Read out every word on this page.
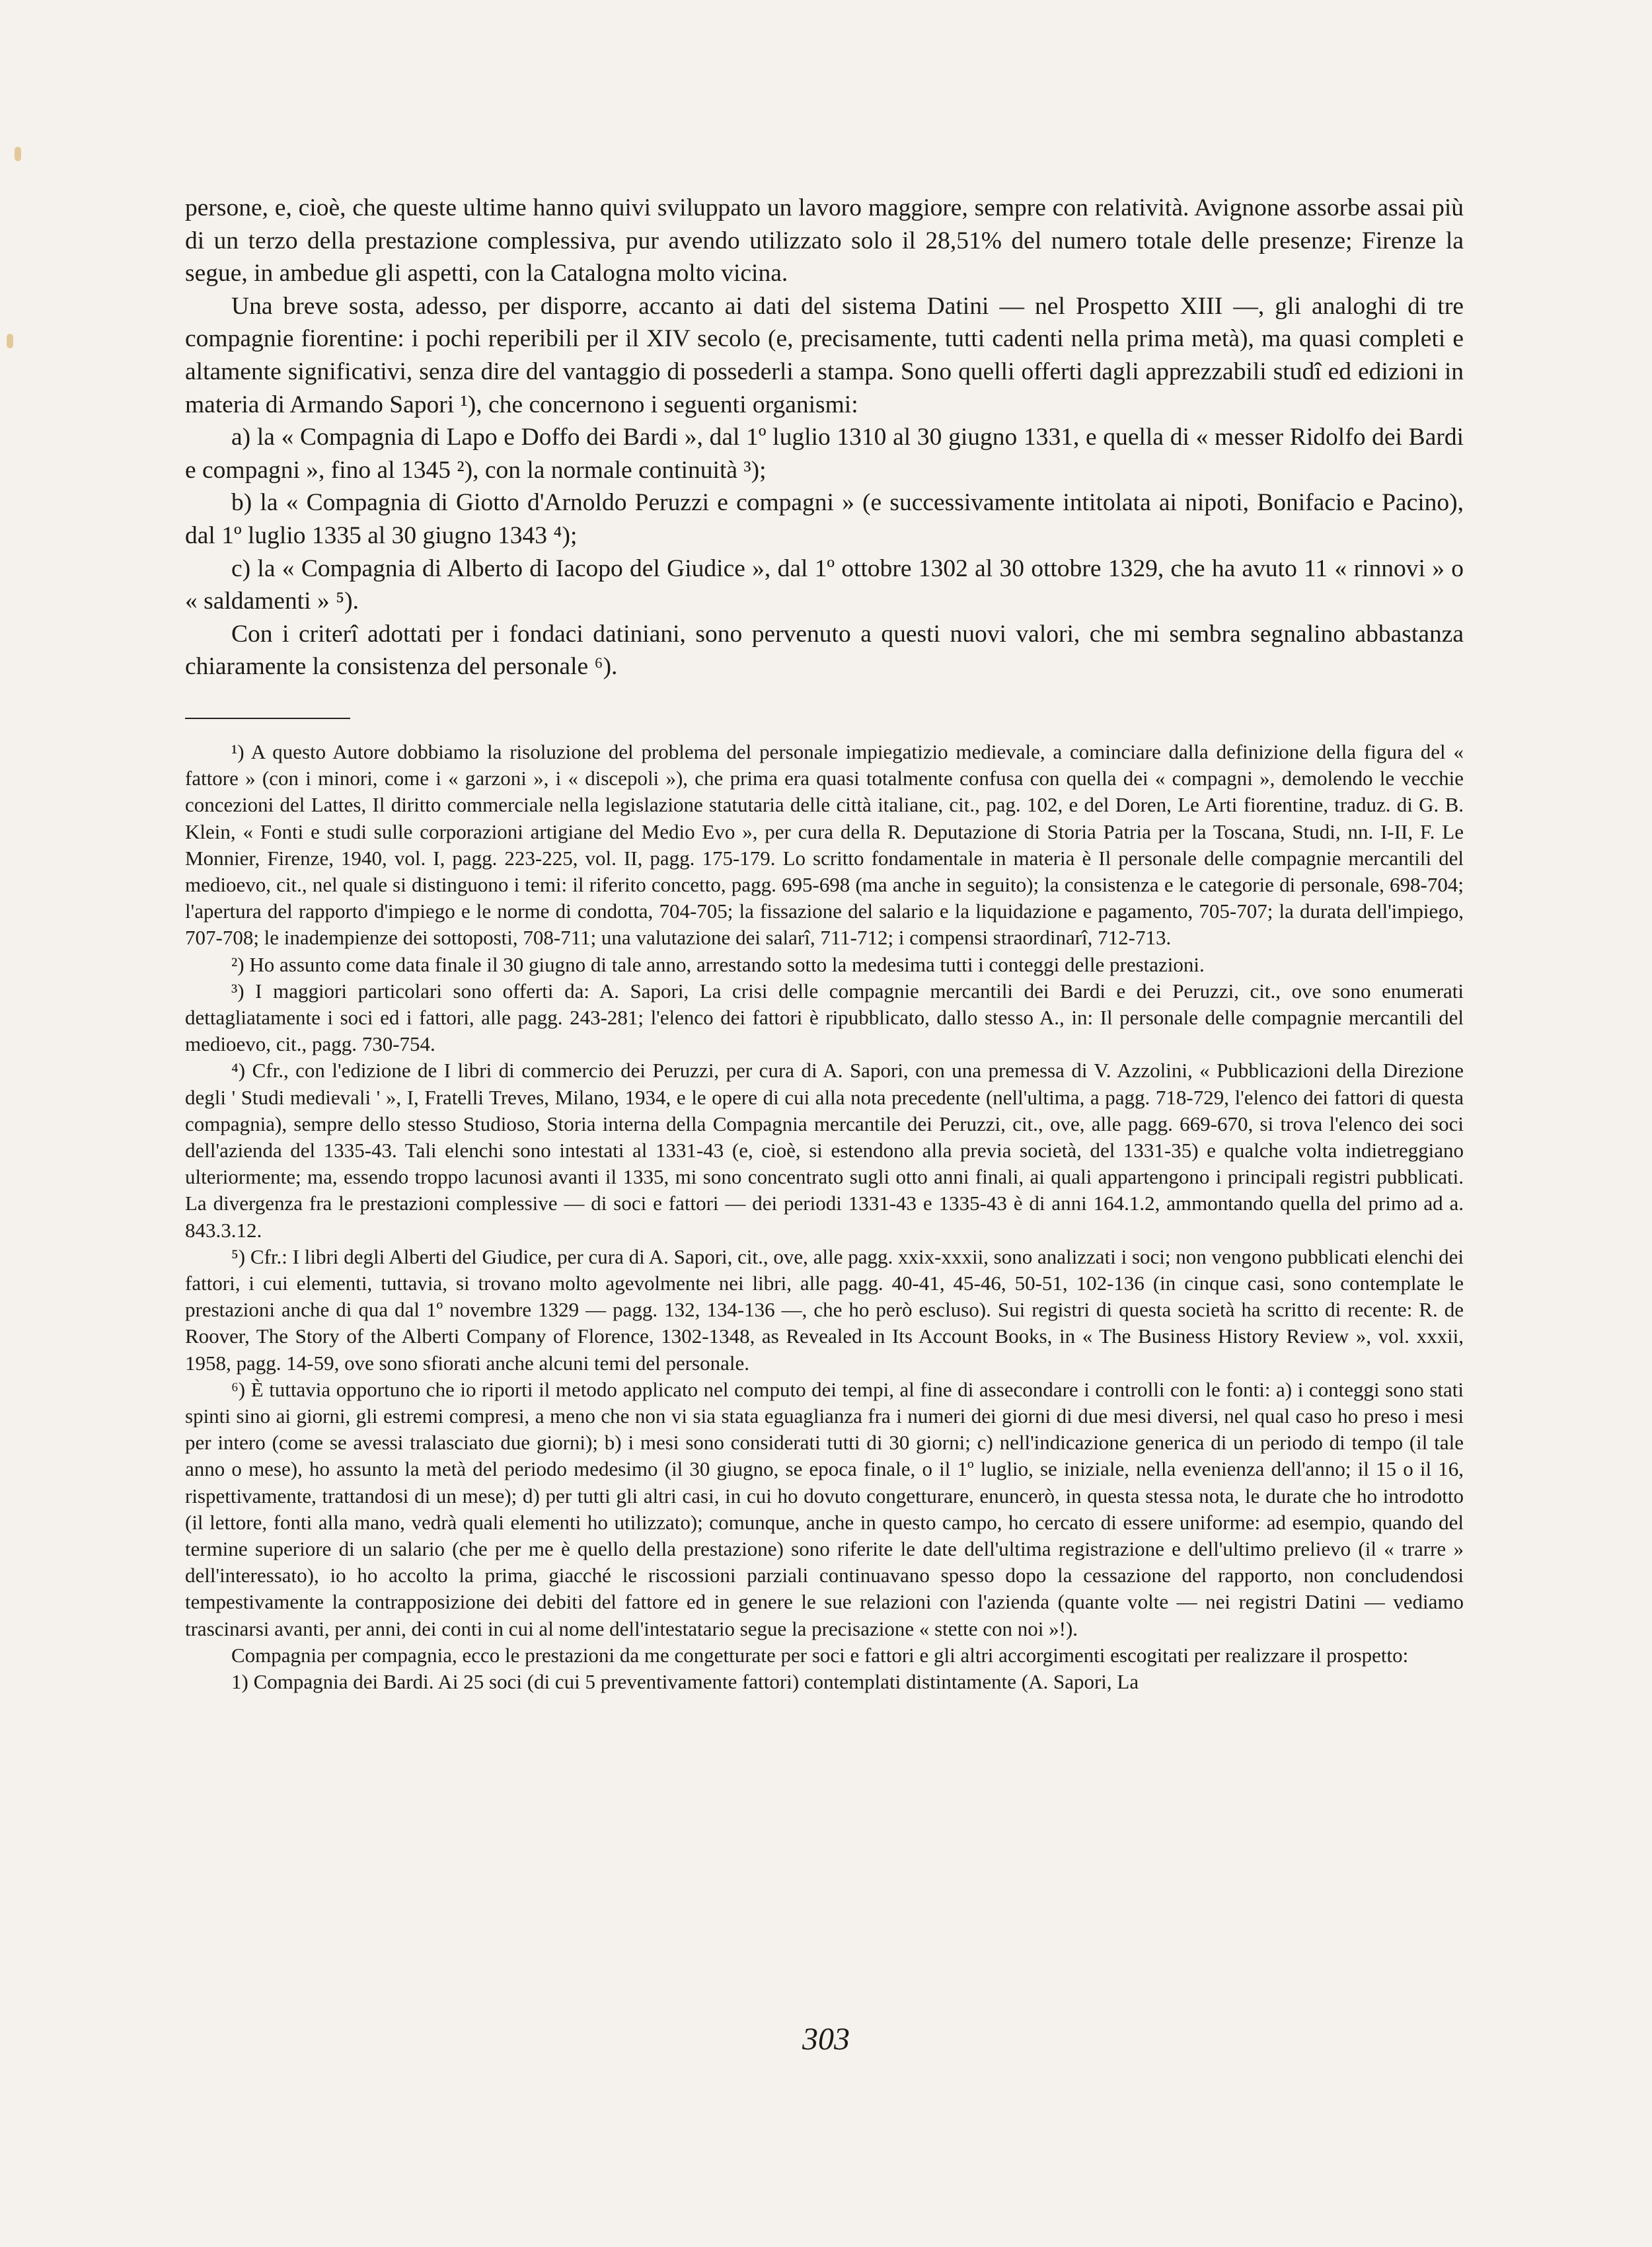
persone, e, cioè, che queste ultime hanno quivi sviluppato un lavoro maggiore, sempre con relatività. Avignone assorbe assai più di un terzo della prestazione complessiva, pur avendo utilizzato solo il 28,51% del numero totale delle presenze; Firenze la segue, in ambedue gli aspetti, con la Catalogna molto vicina.

Una breve sosta, adesso, per disporre, accanto ai dati del sistema Datini — nel Prospetto XIII —, gli analoghi di tre compagnie fiorentine: i pochi reperibili per il XIV secolo (e, precisamente, tutti cadenti nella prima metà), ma quasi completi e altamente significativi, senza dire del vantaggio di possederli a stampa. Sono quelli offerti dagli apprezzabili studî ed edizioni in materia di Armando Sapori ¹), che concernono i seguenti organismi:

a) la « Compagnia di Lapo e Doffo dei Bardi », dal 1º luglio 1310 al 30 giugno 1331, e quella di « messer Ridolfo dei Bardi e compagni », fino al 1345 ²), con la normale continuità ³);

b) la « Compagnia di Giotto d'Arnoldo Peruzzi e compagni » (e successivamente intitolata ai nipoti, Bonifacio e Pacino), dal 1º luglio 1335 al 30 giugno 1343 ⁴);

c) la « Compagnia di Alberto di Iacopo del Giudice », dal 1º ottobre 1302 al 30 ottobre 1329, che ha avuto 11 « rinnovi » o « saldamenti » ⁵).

Con i criterî adottati per i fondaci datiniani, sono pervenuto a questi nuovi valori, che mi sembra segnalino abbastanza chiaramente la consistenza del personale ⁶).

¹) A questo Autore dobbiamo la risoluzione del problema del personale impiegatizio medievale, a cominciare dalla definizione della figura del « fattore » (con i minori, come i « garzoni », i « discepoli »), che prima era quasi totalmente confusa con quella dei « compagni », demolendo le vecchie concezioni del Lattes, Il diritto commerciale nella legislazione statutaria delle città italiane, cit., pag. 102, e del Doren, Le Arti fiorentine, traduz. di G. B. Klein, « Fonti e studi sulle corporazioni artigiane del Medio Evo », per cura della R. Deputazione di Storia Patria per la Toscana, Studi, nn. I-II, F. Le Monnier, Firenze, 1940, vol. I, pagg. 223-225, vol. II, pagg. 175-179. Lo scritto fondamentale in materia è Il personale delle compagnie mercantili del medioevo, cit., nel quale si distinguono i temi: il riferito concetto, pagg. 695-698 (ma anche in seguito); la consistenza e le categorie di personale, 698-704; l'apertura del rapporto d'impiego e le norme di condotta, 704-705; la fissazione del salario e la liquidazione e pagamento, 705-707; la durata dell'impiego, 707-708; le inadempienze dei sottoposti, 708-711; una valutazione dei salarî, 711-712; i compensi straordinarî, 712-713.

²) Ho assunto come data finale il 30 giugno di tale anno, arrestando sotto la medesima tutti i conteggi delle prestazioni.

³) I maggiori particolari sono offerti da: A. Sapori, La crisi delle compagnie mercantili dei Bardi e dei Peruzzi, cit., ove sono enumerati dettagliatamente i soci ed i fattori, alle pagg. 243-281; l'elenco dei fattori è ripubblicato, dallo stesso A., in: Il personale delle compagnie mercantili del medioevo, cit., pagg. 730-754.

⁴) Cfr., con l'edizione de I libri di commercio dei Peruzzi, per cura di A. Sapori, con una premessa di V. Azzolini, « Pubblicazioni della Direzione degli ' Studi medievali ' », I, Fratelli Treves, Milano, 1934, e le opere di cui alla nota precedente (nell'ultima, a pagg. 718-729, l'elenco dei fattori di questa compagnia), sempre dello stesso Studioso, Storia interna della Compagnia mercantile dei Peruzzi, cit., ove, alle pagg. 669-670, si trova l'elenco dei soci dell'azienda del 1335-43. Tali elenchi sono intestati al 1331-43 (e, cioè, si estendono alla previa società, del 1331-35) e qualche volta indietreggiano ulteriormente; ma, essendo troppo lacunosi avanti il 1335, mi sono concentrato sugli otto anni finali, ai quali appartengono i principali registri pubblicati. La divergenza fra le prestazioni complessive — di soci e fattori — dei periodi 1331-43 e 1335-43 è di anni 164.1.2, ammontando quella del primo ad a. 843.3.12.

⁵) Cfr.: I libri degli Alberti del Giudice, per cura di A. Sapori, cit., ove, alle pagg. xxix-xxxii, sono analizzati i soci; non vengono pubblicati elenchi dei fattori, i cui elementi, tuttavia, si trovano molto agevolmente nei libri, alle pagg. 40-41, 45-46, 50-51, 102-136 (in cinque casi, sono contemplate le prestazioni anche di qua dal 1º novembre 1329 — pagg. 132, 134-136 —, che ho però escluso). Sui registri di questa società ha scritto di recente: R. de Roover, The Story of the Alberti Company of Florence, 1302-1348, as Revealed in Its Account Books, in « The Business History Review », vol. xxxii, 1958, pagg. 14-59, ove sono sfiorati anche alcuni temi del personale.

⁶) È tuttavia opportuno che io riporti il metodo applicato nel computo dei tempi, al fine di assecondare i controlli con le fonti: a) i conteggi sono stati spinti sino ai giorni, gli estremi compresi, a meno che non vi sia stata eguaglianza fra i numeri dei giorni di due mesi diversi, nel qual caso ho preso i mesi per intero (come se avessi tralasciato due giorni); b) i mesi sono considerati tutti di 30 giorni; c) nell'indicazione generica di un periodo di tempo (il tale anno o mese), ho assunto la metà del periodo medesimo (il 30 giugno, se epoca finale, o il 1º luglio, se iniziale, nella evenienza dell'anno; il 15 o il 16, rispettivamente, trattandosi di un mese); d) per tutti gli altri casi, in cui ho dovuto congetturare, enuncerò, in questa stessa nota, le durate che ho introdotto (il lettore, fonti alla mano, vedrà quali elementi ho utilizzato); comunque, anche in questo campo, ho cercato di essere uniforme: ad esempio, quando del termine superiore di un salario (che per me è quello della prestazione) sono riferite le date dell'ultima registrazione e dell'ultimo prelievo (il « trarre » dell'interessato), io ho accolto la prima, giacché le riscossioni parziali continuavano spesso dopo la cessazione del rapporto, non concludendosi tempestivamente la contrapposizione dei debiti del fattore ed in genere le sue relazioni con l'azienda (quante volte — nei registri Datini — vediamo trascinarsi avanti, per anni, dei conti in cui al nome dell'intestatario segue la precisazione « stette con noi »!).

Compagnia per compagnia, ecco le prestazioni da me congetturate per soci e fattori e gli altri accorgimenti escogitati per realizzare il prospetto:

1) Compagnia dei Bardi. Ai 25 soci (di cui 5 preventivamente fattori) contemplati distintamente (A. Sapori, La

303
